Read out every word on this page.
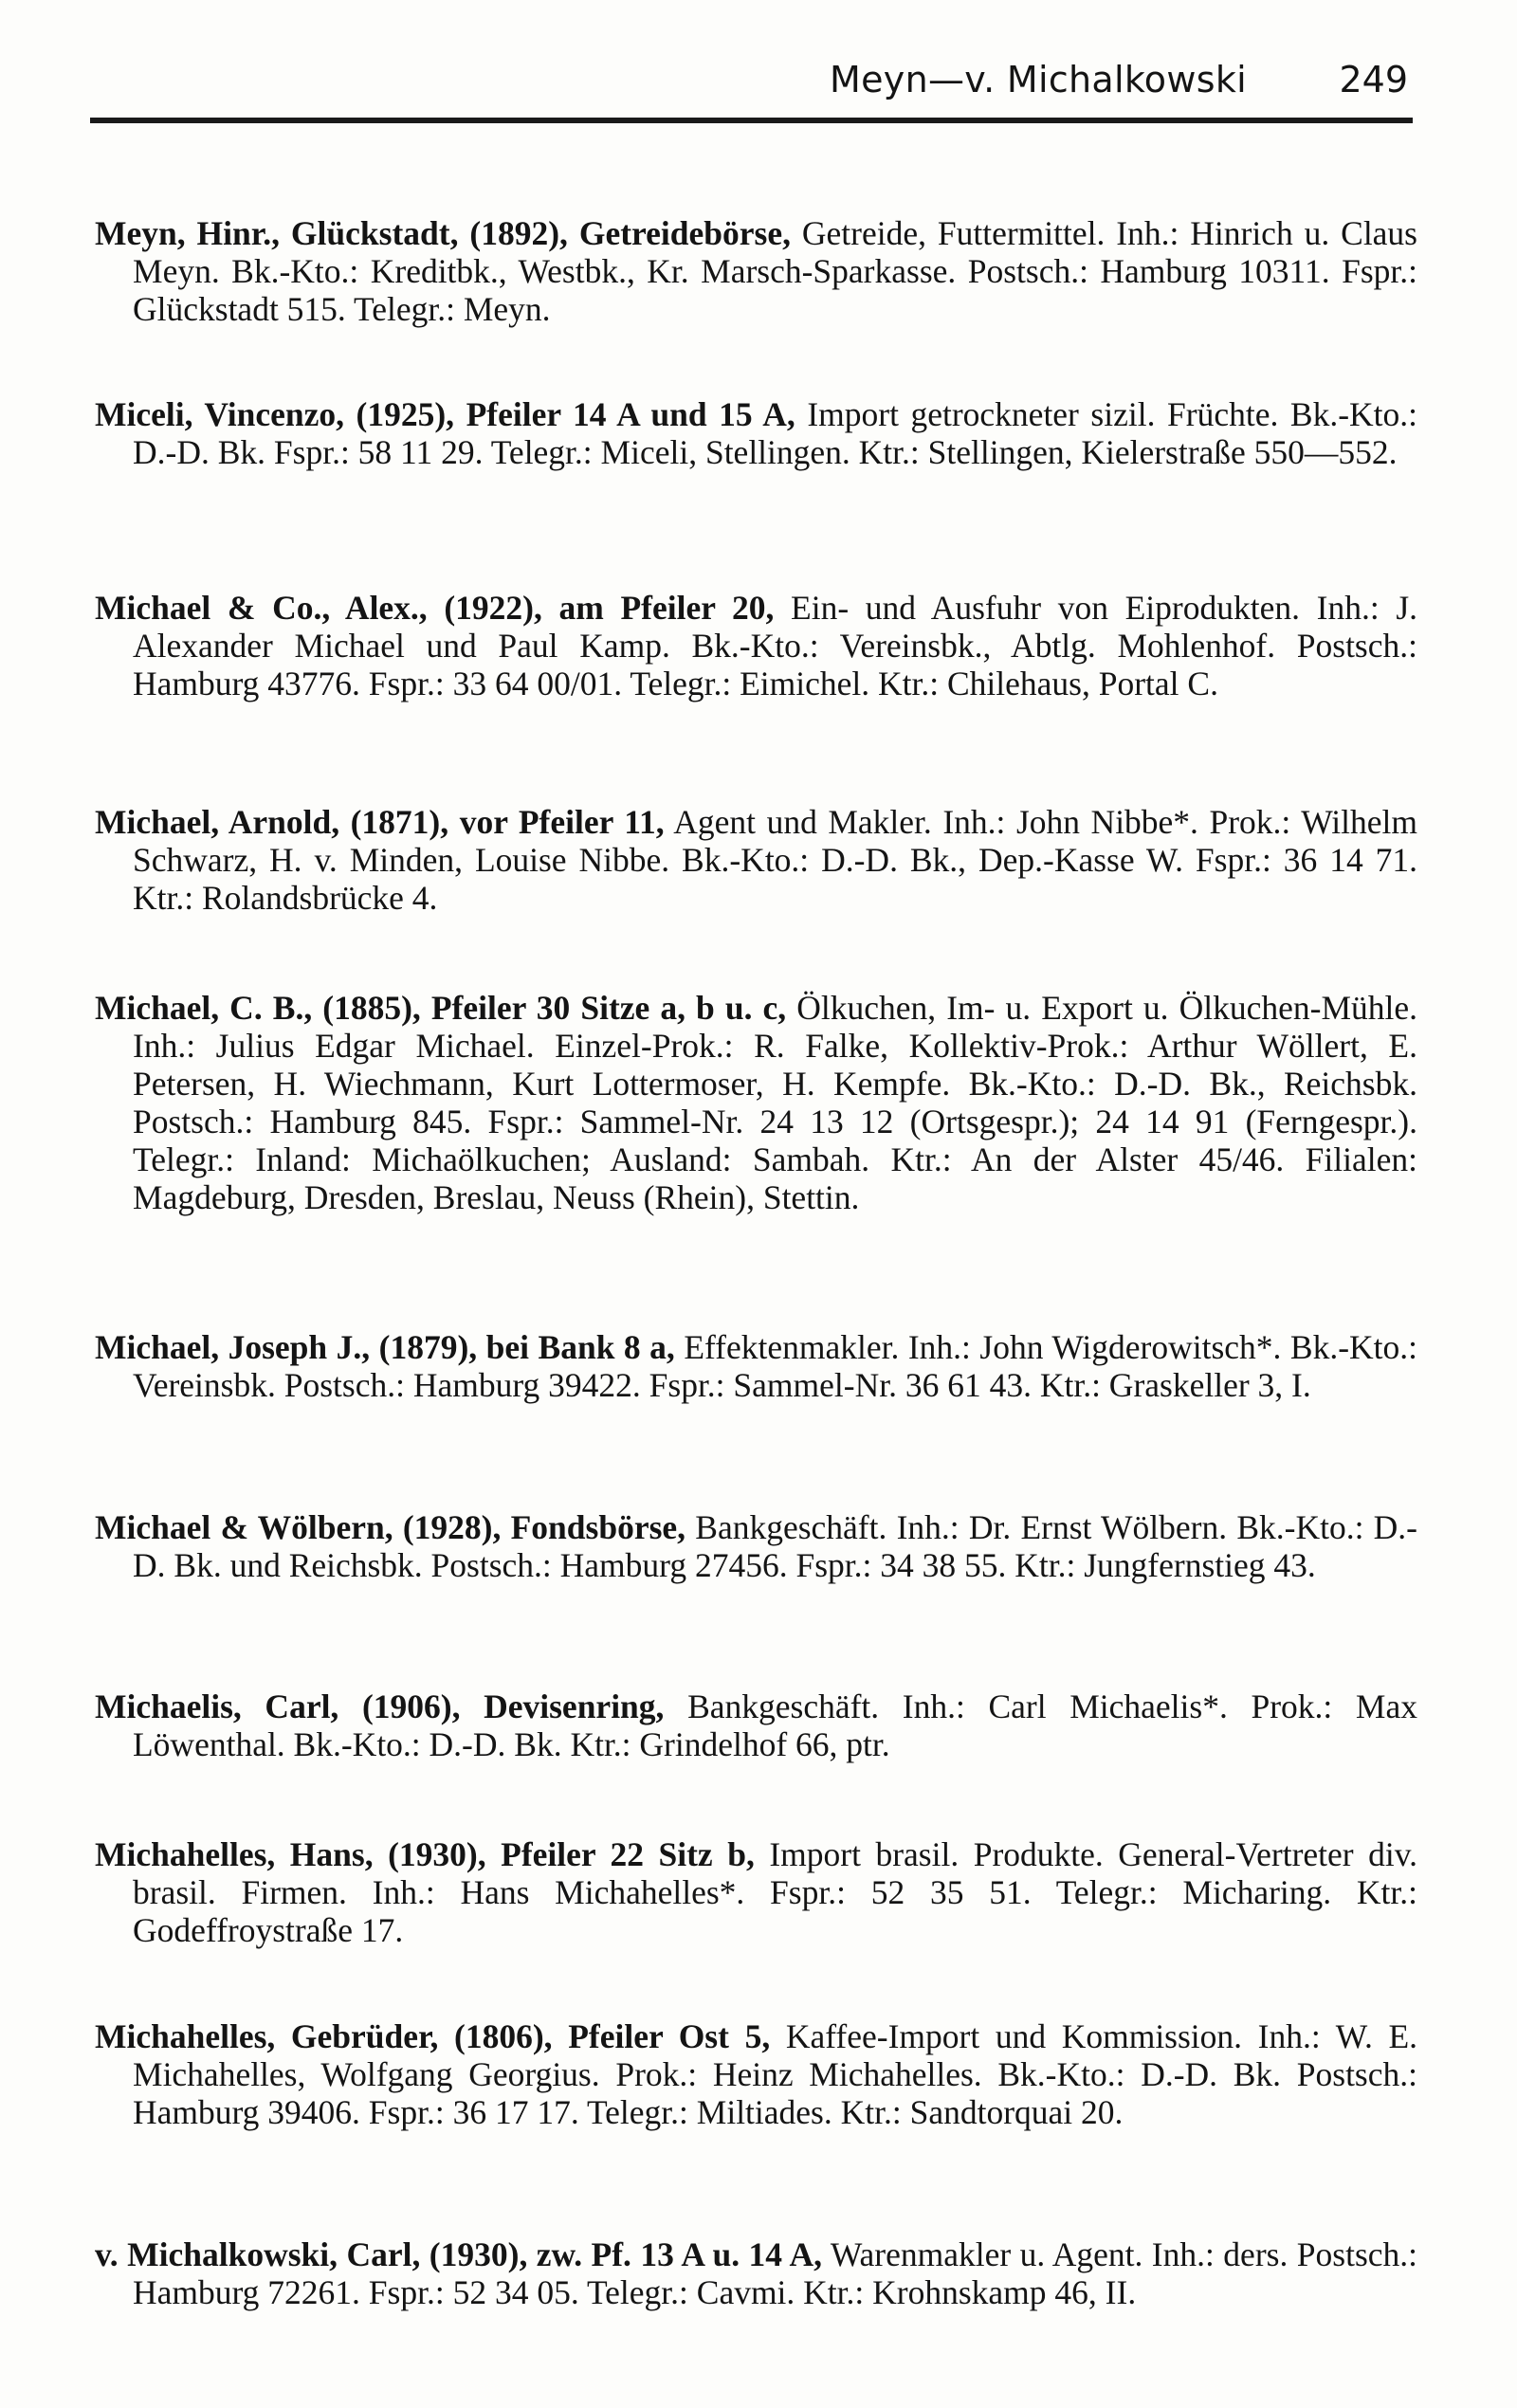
Meyn—v. Michalkowski	249

Meyn, Hinr., Glückstadt, (1892), Getreidebörse, Getreide, Futtermittel. Inh.: Hinrich u. Claus Meyn. Bk.-Kto.: Kreditbk., Westbk., Kr. Marsch-Sparkasse. Postsch.: Hamburg 10311. Fspr.: Glückstadt 515. Telegr.: Meyn.

Miceli, Vincenzo, (1925), Pfeiler 14 A und 15 A, Import getrockneter sizil. Früchte. Bk.-Kto.: D.-D. Bk. Fspr.: 58 11 29. Telegr.: Miceli, Stellingen. Ktr.: Stellingen, Kielerstraße 550—552.

Michael & Co., Alex., (1922), am Pfeiler 20, Ein- und Ausfuhr von Eiprodukten. Inh.: J. Alexander Michael und Paul Kamp. Bk.-Kto.: Vereinsbk., Abtlg. Mohlenhof. Postsch.: Hamburg 43776. Fspr.: 33 64 00/01. Telegr.: Eimichel. Ktr.: Chilehaus, Portal C.

Michael, Arnold, (1871), vor Pfeiler 11, Agent und Makler. Inh.: John Nibbe*. Prok.: Wilhelm Schwarz, H. v. Minden, Louise Nibbe. Bk.-Kto.: D.-D. Bk., Dep.-Kasse W. Fspr.: 36 14 71. Ktr.: Rolandsbrücke 4.

Michael, C. B., (1885), Pfeiler 30 Sitze a, b u. c, Ölkuchen, Im- u. Export u. Ölkuchen-Mühle. Inh.: Julius Edgar Michael. Einzel-Prok.: R. Falke, Kollektiv-Prok.: Arthur Wöllert, E. Petersen, H. Wiechmann, Kurt Lottermoser, H. Kempfe. Bk.-Kto.: D.-D. Bk., Reichsbk. Postsch.: Hamburg 845. Fspr.: Sammel-Nr. 24 13 12 (Ortsgespr.); 24 14 91 (Ferngespr.). Telegr.: Inland: Michaölkuchen; Ausland: Sambah. Ktr.: An der Alster 45/46. Filialen: Magdeburg, Dresden, Breslau, Neuss (Rhein), Stettin.

Michael, Joseph J., (1879), bei Bank 8 a, Effektenmakler. Inh.: John Wigderowitsch*. Bk.-Kto.: Vereinsbk. Postsch.: Hamburg 39422. Fspr.: Sammel-Nr. 36 61 43. Ktr.: Graskeller 3, I.

Michael & Wölbern, (1928), Fondsbörse, Bankgeschäft. Inh.: Dr. Ernst Wölbern. Bk.-Kto.: D.-D. Bk. und Reichsbk. Postsch.: Hamburg 27456. Fspr.: 34 38 55. Ktr.: Jungfernstieg 43.

Michaelis, Carl, (1906), Devisenring, Bankgeschäft. Inh.: Carl Michaelis*. Prok.: Max Löwenthal. Bk.-Kto.: D.-D. Bk. Ktr.: Grindelhof 66, ptr.

Michahelles, Hans, (1930), Pfeiler 22 Sitz b, Import brasil. Produkte. General-Vertreter div. brasil. Firmen. Inh.: Hans Michahelles*. Fspr.: 52 35 51. Telegr.: Micharing. Ktr.: Godeffroystraße 17.

Michahelles, Gebrüder, (1806), Pfeiler Ost 5, Kaffee-Import und Kommission. Inh.: W. E. Michahelles, Wolfgang Georgius. Prok.: Heinz Michahelles. Bk.-Kto.: D.-D. Bk. Postsch.: Hamburg 39406. Fspr.: 36 17 17. Telegr.: Miltiades. Ktr.: Sandtorquai 20.

v. Michalkowski, Carl, (1930), zw. Pf. 13 A u. 14 A, Warenmakler u. Agent. Inh.: ders. Postsch.: Hamburg 72261. Fspr.: 52 34 05. Telegr.: Cavmi. Ktr.: Krohnskamp 46, II.
